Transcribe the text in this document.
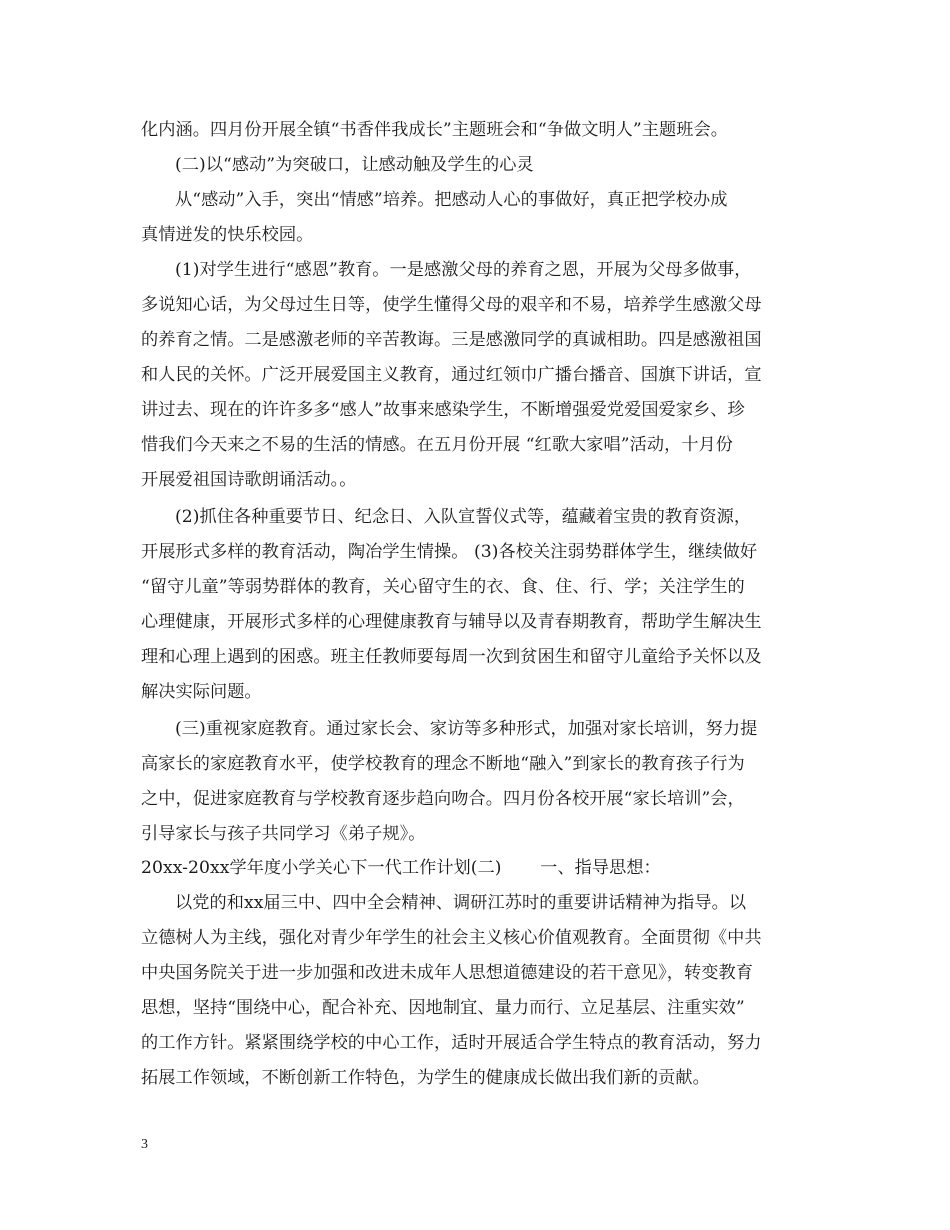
化内涵。四月份开展全镇“书香伴我成长”主题班会和“争做文明人”主题班会。
(二)以“感动”为突破口，让感动触及学生的心灵
从“感动”入手，突出“情感”培养。把感动人心的事做好，真正把学校办成
真情迸发的快乐校园。
(1)对学生进行“感恩”教育。一是感激父母的养育之恩，开展为父母多做事，
多说知心话，为父母过生日等，使学生懂得父母的艰辛和不易，培养学生感激父母
的养育之情。二是感激老师的辛苦教诲。三是感激同学的真诚相助。四是感激祖国
和人民的关怀。广泛开展爱国主义教育，通过红领巾广播台播音、国旗下讲话，宣
讲过去、现在的许许多多“感人”故事来感染学生，不断增强爱党爱国爱家乡、珍
惜我们今天来之不易的生活的情感。在五月份开展 “红歌大家唱”活动，十月份
开展爱祖国诗歌朗诵活动。。
(2)抓住各种重要节日、纪念日、入队宣誓仪式等，蕴藏着宝贵的教育资源，
开展形式多样的教育活动，陶冶学生情操。 (3)各校关注弱势群体学生，继续做好
“留守儿童”等弱势群体的教育，关心留守生的衣、食、住、行、学；关注学生的
心理健康，开展形式多样的心理健康教育与辅导以及青春期教育，帮助学生解决生
理和心理上遇到的困惑。班主任教师要每周一次到贫困生和留守儿童给予关怀以及
解决实际问题。
(三)重视家庭教育。通过家长会、家访等多种形式，加强对家长培训，努力提
高家长的家庭教育水平，使学校教育的理念不断地“融入”到家长的教育孩子行为
之中，促进家庭教育与学校教育逐步趋向吻合。四月份各校开展“家长培训”会，
引导家长与孩子共同学习《弟子规》。
20xx-20xx学年度小学关心下一代工作计划(二)       一、指导思想：
以党的和xx届三中、四中全会精神、调研江苏时的重要讲话精神为指导。以
立德树人为主线，强化对青少年学生的社会主义核心价值观教育。全面贯彻《中共
中央国务院关于进一步加强和改进未成年人思想道德建设的若干意见》，转变教育
思想，坚持“围绕中心，配合补充、因地制宜、量力而行、立足基层、注重实效”
的工作方针。紧紧围绕学校的中心工作，适时开展适合学生特点的教育活动，努力
拓展工作领域，不断创新工作特色，为学生的健康成长做出我们新的贡献。
3
